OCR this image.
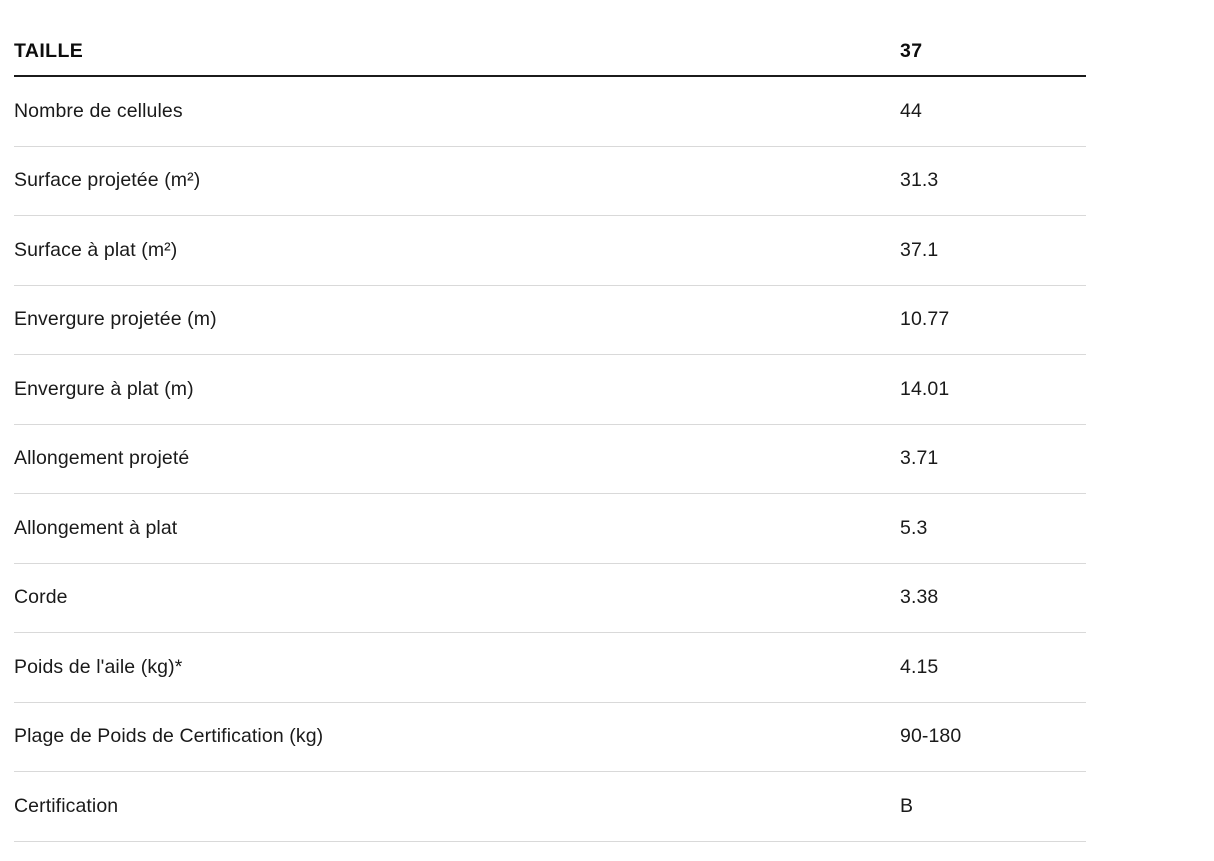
TAILLE	37
Nombre de cellules	44
Surface projetée (m²)	31.3
Surface à plat (m²)	37.1
Envergure projetée (m)	10.77
Envergure à plat (m)	14.01
Allongement projeté	3.71
Allongement à plat	5.3
Corde	3.38
Poids de l'aile (kg)*	4.15
Plage de Poids de Certification (kg)	90-180
Certification	B
